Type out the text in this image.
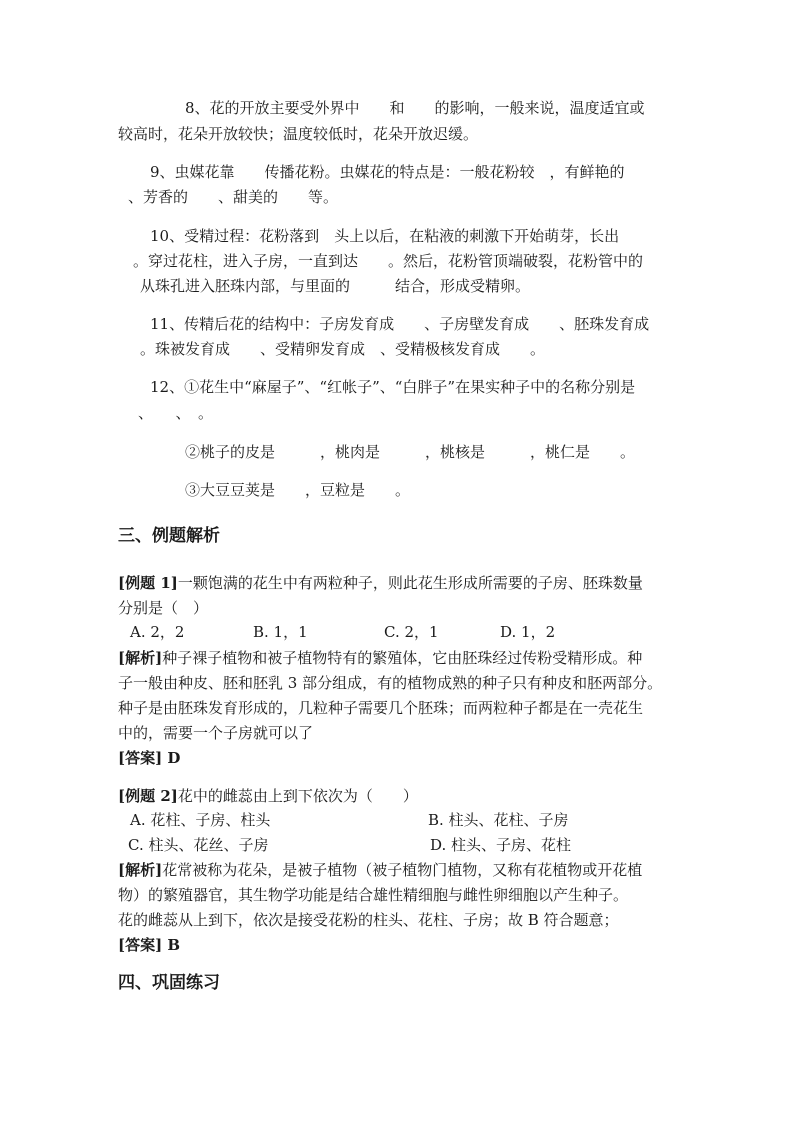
8、花的开放主要受外界中　　和　　的影响，一般来说，温度适宜或
较高时，花朵开放较快；温度较低时，花朵开放迟缓。
9、虫媒花靠　　传播花粉。虫媒花的特点是：一般花粉较　，有鲜艳的
、芳香的　　、甜美的　　等。
10、受精过程：花粉落到　头上以后，在粘液的刺激下开始萌芽，长出
。穿过花柱，进入子房，一直到达　　。然后，花粉管顶端破裂，花粉管中的
从珠孔进入胚珠内部，与里面的　　　结合，形成受精卵。
11、传精后花的结构中：子房发育成　　、子房壁发育成　　、胚珠发育成
。珠被发育成　　、受精卵发育成　、受精极核发育成　　。
12、①花生中“麻屋子”、“红帐子”、“白胖子”在果实种子中的名称分别是
、　　、　。
②桃子的皮是　　　，桃肉是　　　，桃核是　　　，桃仁是　　。
③大豆豆荚是　　，豆粒是　　。
三、例题解析
[例题 1]一颗饱满的花生中有两粒种子，则此花生形成所需要的子房、胚珠数量
分别是（　）
A. 2，2	B. 1，1	C. 2，1	D. 1，2
[解析]种子裸子植物和被子植物特有的繁殖体，它由胚珠经过传粉受精形成。种
子一般由种皮、胚和胚乳 3 部分组成，有的植物成熟的种子只有种皮和胚两部分。
种子是由胚珠发育形成的，几粒种子需要几个胚珠；而两粒种子都是在一壳花生
中的，需要一个子房就可以了
[答案] D
[例题 2]花中的雌蕊由上到下依次为（　　）
A. 花柱、子房、柱头	B. 柱头、花柱、子房
C. 柱头、花丝、子房	D. 柱头、子房、花柱
[解析]花常被称为花朵，是被子植物（被子植物门植物，又称有花植物或开花植
物）的繁殖器官，其生物学功能是结合雄性精细胞与雌性卵细胞以产生种子。
花的雌蕊从上到下，依次是接受花粉的柱头、花柱、子房；故 B 符合题意；
[答案] B
四、巩固练习
